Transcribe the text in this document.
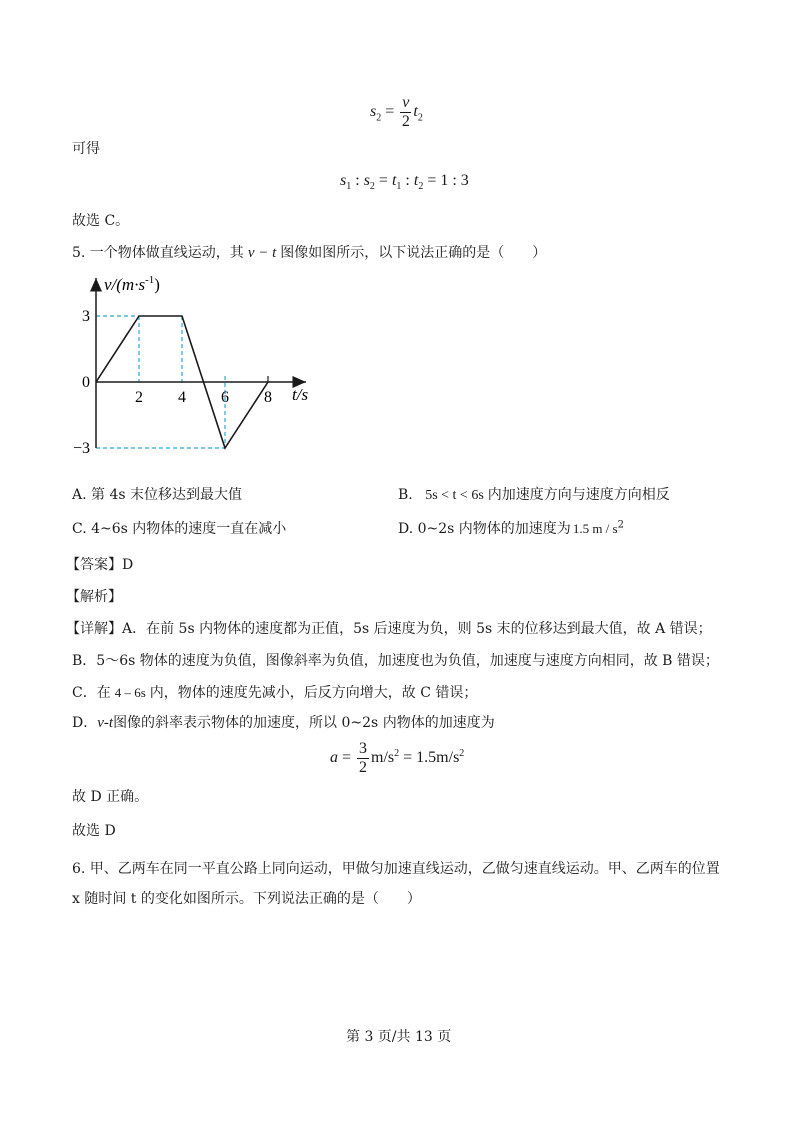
$s_2 = \frac{v}{2} t_2$
可得
$s_1$ : $s_2 = t_1$ : $t_2 = 1$ : 3
故选 C。
5. 一个物体做直线运动，其 v − t 图像如图所示，以下说法正确的是（　　）
2 4 6 8
3
0
−3
$v/(m\cdot s^{-1})$
t/s
A. 第 4s 末位移达到最大值	B. 5s < t < 6s 内加速度方向与速度方向相反
C. 4~6s 内物体的速度一直在减小	D. 0~2s 内物体的加速度为 1.5 m / $s^2$
【答案】D
【解析】
【详解】A．在前 5s 内物体的速度都为正值，5s 后速度为负，则 5s 末的位移达到最大值，故 A 错误；
B．5～6s 物体的速度为负值，图像斜率为负值，加速度也为负值，加速度与速度方向相同，故 B 错误；
C．在 4 – 6s 内，物体的速度先减小，后反方向增大，故 C 错误；
D．v-t图像的斜率表示物体的加速度，所以 0~2s 内物体的加速度为
$a = \frac{3}{2} m/s^2 = 1.5m/s^2$
故 D 正确。
故选 D
6. 甲、乙两车在同一平直公路上同向运动，甲做匀加速直线运动，乙做匀速直线运动。甲、乙两车的位置
x 随时间 t 的变化如图所示。下列说法正确的是（　　）
第 3 页/共 13 页
